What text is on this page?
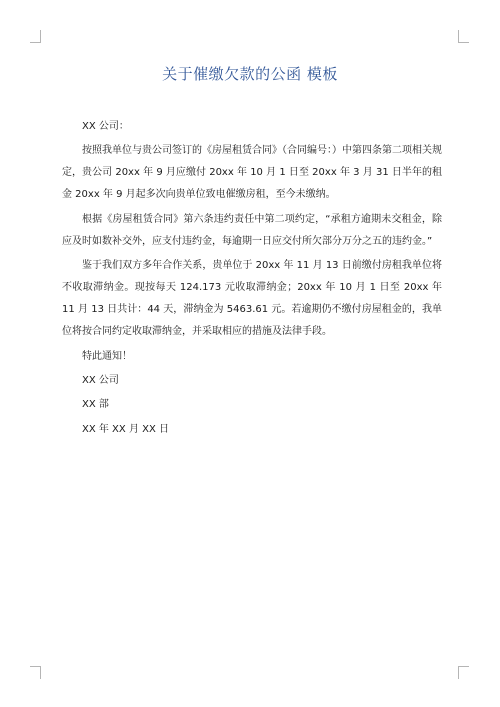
关于催缴欠款的公函 模板

XX 公司：

按照我单位与贵公司签订的《房屋租赁合同》（合同编号：）中第四条第二项相关规定，贵公司 20xx 年 9 月应缴付 20xx 年 10 月 1 日至 20xx 年 3 月 31 日半年的租金 20xx 年 9 月起多次向贵单位致电催缴房租，至今未缴纳。

根据《房屋租赁合同》第六条违约责任中第二项约定，“承租方逾期未交租金，除应及时如数补交外，应支付违约金，每逾期一日应交付所欠部分万分之五的违约金。”

鉴于我们双方多年合作关系，贵单位于 20xx 年 11 月 13 日前缴付房租我单位将不收取滞纳金。现按每天 124.173 元收取滞纳金；20xx 年 10 月 1 日至 20xx 年 11 月 13 日共计：44 天，滞纳金为 5463.61 元。若逾期仍不缴付房屋租金的，我单位将按合同约定收取滞纳金，并采取相应的措施及法律手段。

特此通知！

XX 公司

XX 部

XX 年 XX 月 XX 日
